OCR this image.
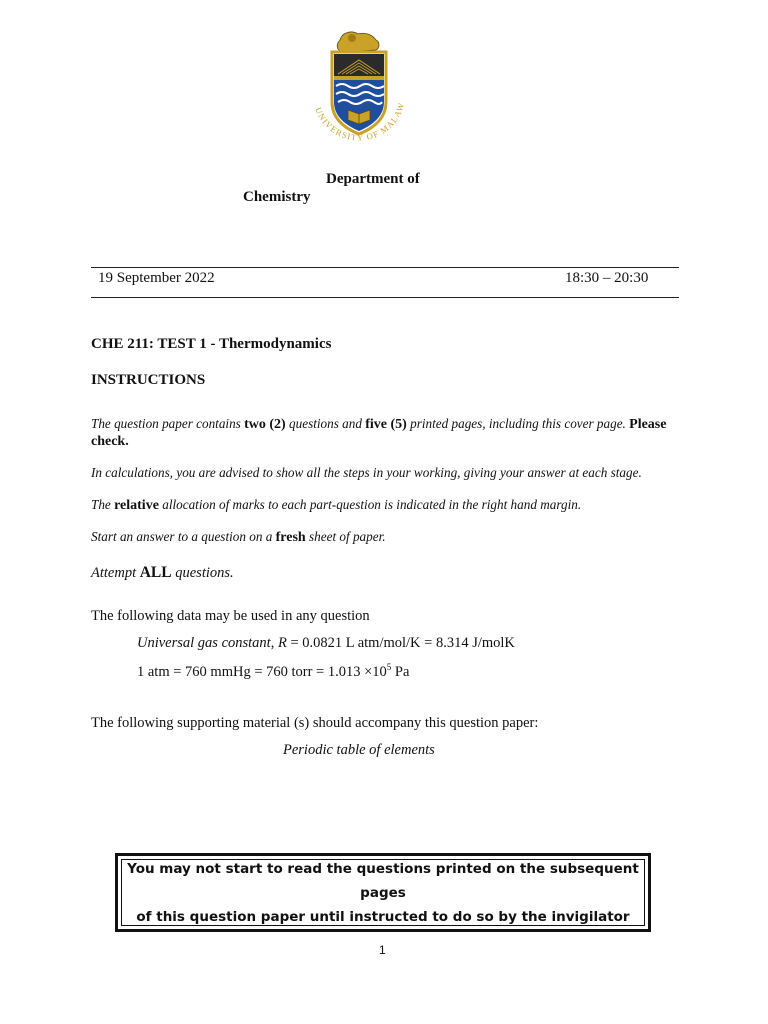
UNIVERSITY OF MALAW
Department of
Chemistry
19 September 2022	18:30 – 20:30
CHE 211: TEST 1 - Thermodynamics
INSTRUCTIONS
The question paper contains two (2) questions and five (5) printed pages, including this cover page. Please check.
In calculations, you are advised to show all the steps in your working, giving your answer at each stage.
The relative allocation of marks to each part-question is indicated in the right hand margin.
Start an answer to a question on a fresh sheet of paper.
Attempt ALL questions.
The following data may be used in any question
Universal gas constant, R = 0.0821 L atm/mol/K = 8.314 J/molK
1 atm = 760 mmHg = 760 torr = $1.013 \times 10^5$ Pa
The following supporting material (s) should accompany this question paper:
Periodic table of elements
You may not start to read the questions printed on the subsequent pages
of this question paper until instructed to do so by the invigilator
1
